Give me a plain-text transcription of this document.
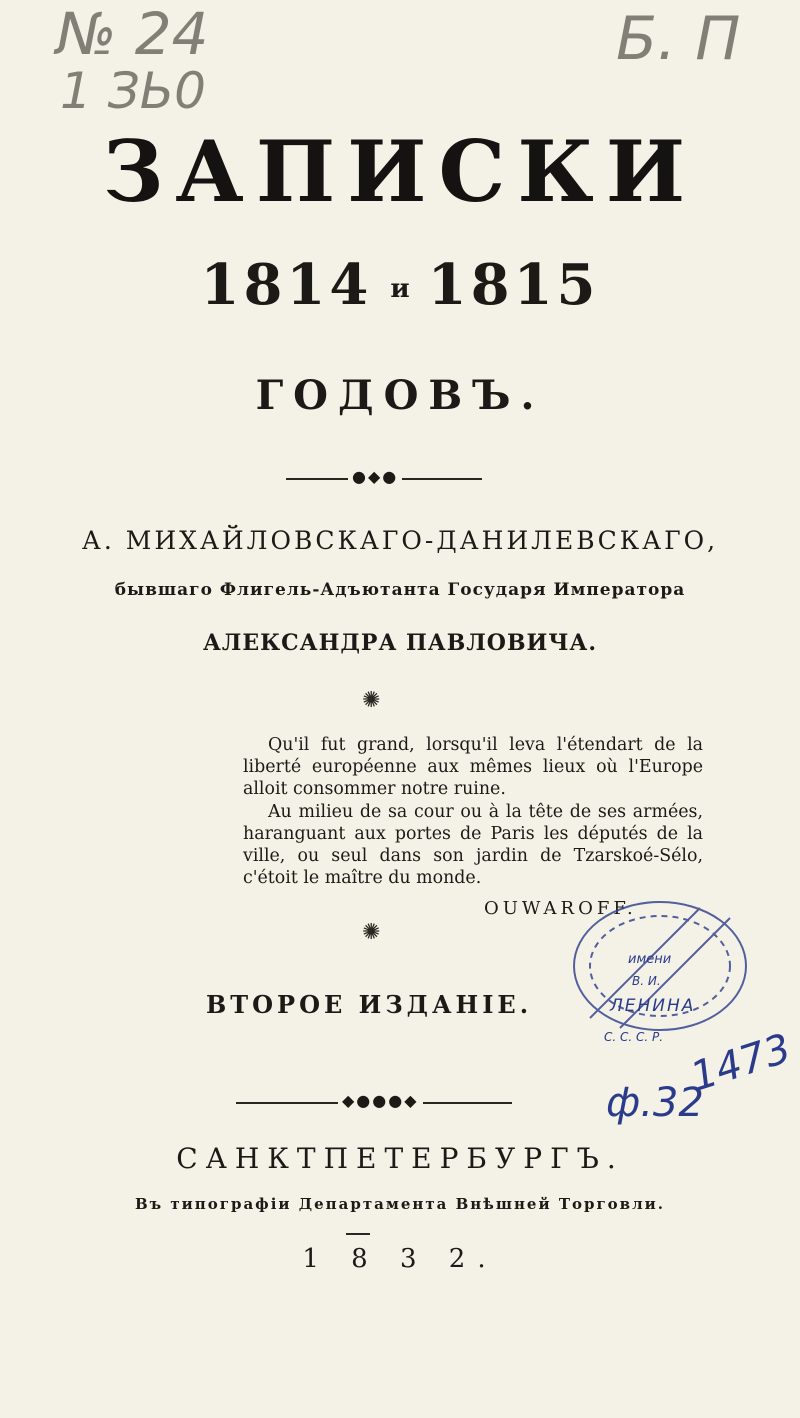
№ 24
1 ЗЬ0
Б. П
ЗАПИСКИ
1814 и 1815
ГОДОВЪ.
●◆●
А. МИХАЙЛОВСКАГО-ДАНИЛЕВСКАГО,
бывшаго Флигель-Адъютанта Государя Императора
АЛЕКСАНДРА ПАВЛОВИЧА.
✺

Qu'il fut grand, lorsqu'il leva l'étendart de la liberté européenne aux mêmes lieux où l'Europe alloit consommer notre ruine.

Au milieu de sa cour ou à la tête de ses armées, haranguant aux portes de Paris les députés de la ville, ou seul dans son jardin de Tzarskoé-Sélo, c'étoit le maître du monde.

OUWAROFF.
✺
ВТОРОЕ ИЗДАНІЕ.
имени
В. И.
ЛЕНИНА
С. С. С. Р.
ф.32
1473
◆●●●◆
САНКТПЕТЕРБУРГЪ.
Въ типографіи Департамента Внѣшней Торговли.
1 8 3 2.
